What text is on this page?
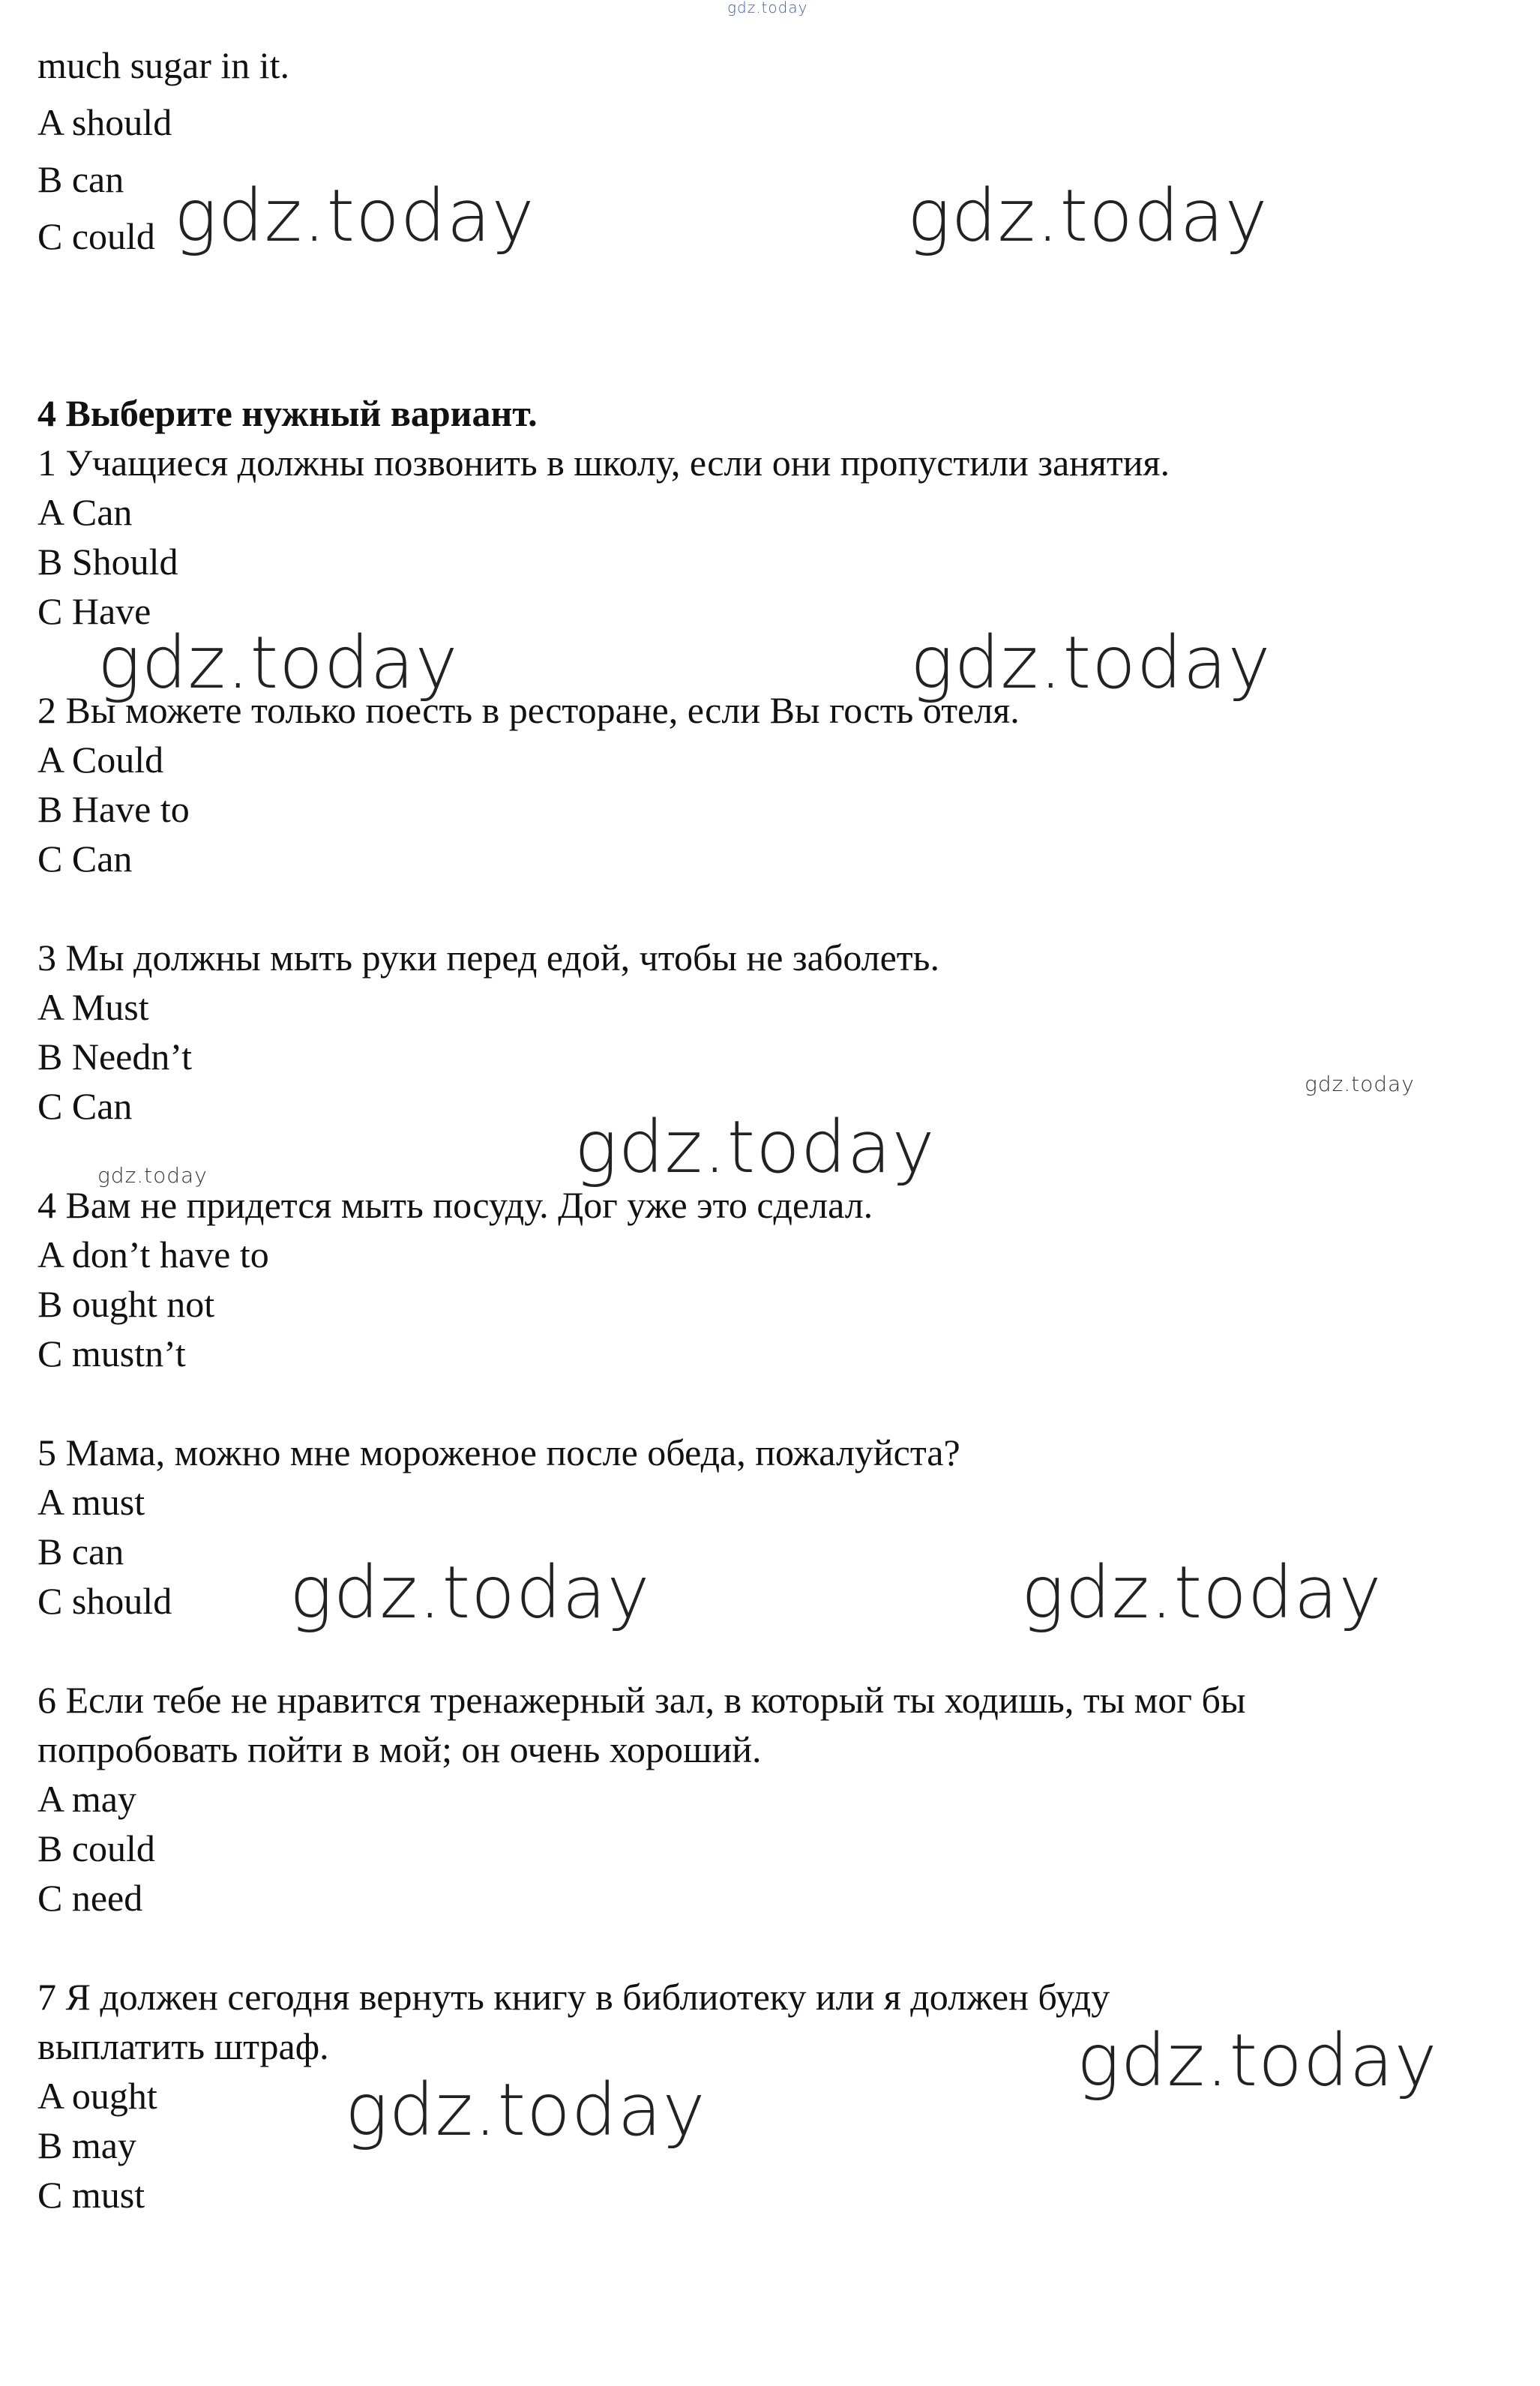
much sugar in it.
A should
B can
C could
4 Выберите нужный вариант.
1 Учащиеся должны позвонить в школу, если они пропустили занятия.
A Can
B Should
C Have
2 Вы можете только поесть в ресторане, если Вы гость отеля.
A Could
B Have to
C Can
3 Мы должны мыть руки перед едой, чтобы не заболеть.
A Must
B Needn’t
C Can
4 Вам не придется мыть посуду. Дог уже это сделал.
A don’t have to
B ought not
C mustn’t
5 Мама, можно мне мороженое после обеда, пожалуйста?
A must
B can
C should
6 Если тебе не нравится тренажерный зал, в который ты ходишь, ты мог бы
попробовать пойти в мой; он очень хороший.
A may
B could
C need
7 Я должен сегодня вернуть книгу в библиотеку или я должен буду
выплатить штраф.
A ought
B may
C must
gdz.today
gdz.today	gdz.today
gdz.today	gdz.today
gdz.today
gdz.today
gdz.today
gdz.today	gdz.today
gdz.today
gdz.today
